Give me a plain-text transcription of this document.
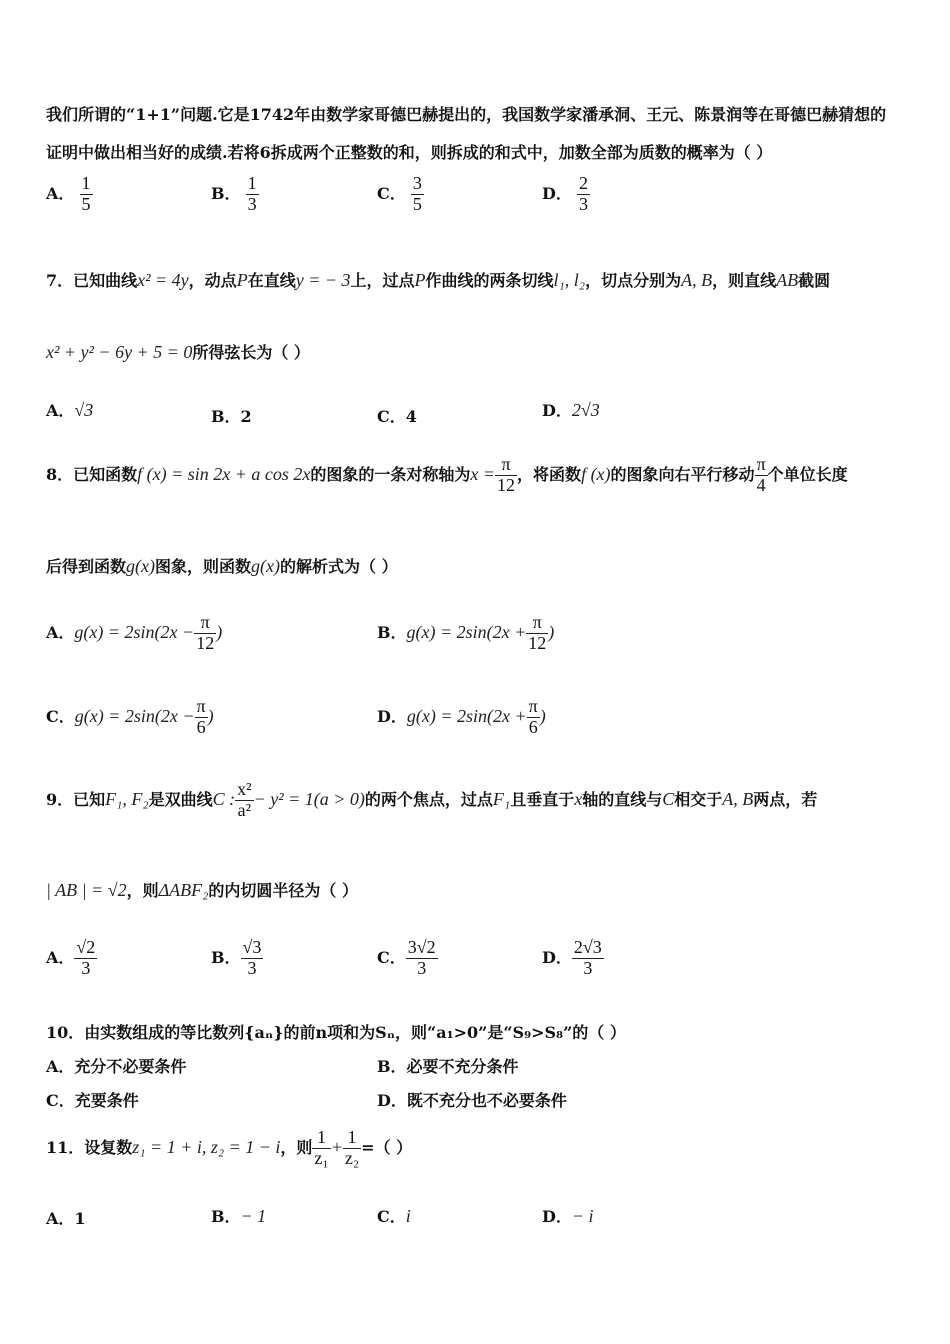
我们所谓的“1+1”问题.它是1742年由数学家哥德巴赫提出的，我国数学家潘承洞、王元、陈景润等在哥德巴赫猜想的
证明中做出相当好的成绩.若将6拆成两个正整数的和，则拆成的和式中，加数全部为质数的概率为（ ）
A． $\frac{1}{5}$	B． $\frac{1}{3}$	C． $\frac{3}{5}$	D． $\frac{2}{3}$
7．已知曲线x² = 4y，动点P在直线y = − 3上，过点P作曲线的两条切线l₁, l₂，切点分别为A, B，则直线AB截圆
x² + y² − 6y + 5 = 0所得弦长为（ ）
A．√3	B．2	C．4	D．2√3
8．已知函数f (x) = sin 2x + a cos 2x的图象的一条对称轴为$x = \frac{\pi}{12}$ ，将函数f (x)的图象向右平行移动 $\frac{\pi}{4}$ 个单位长度
后得到函数g(x)图象，则函数g(x)的解析式为（ ）
A．$g(x) = 2\sin(2x - \frac{\pi}{12}$ )	B．$g(x) = 2\sin(2x + \frac{\pi}{12}$ )
C．$g(x) = 2\sin(2x - \frac{\pi}{6}$ )	D．$g(x) = 2\sin(2x + \frac{\pi}{6}$ )
9．已知F₁, F₂是双曲线C : $\frac{\text{x²}}{\text{a²}} - y^2 = 1(a > 0)$的两个焦点，过点F₁且垂直于x轴的直线与C相交于A, B两点，若
| AB | = √2，则ΔABF₂的内切圆半径为（ ）
A． $\frac{√2}{3}$	B． $\frac{√3}{3}$	C． $\frac{3√2}{3}$	D． $\frac{2√3}{3}$
10．由实数组成的等比数列{aₙ}的前n项和为Sₙ，则“a₁>0”是“S₉>S₈”的（ ）
A．充分不必要条件	B．必要不充分条件
C．充要条件	D．既不充分也不必要条件
11．设复数z₁ = 1 + i, z₂ = 1 − i，则 $\frac{1}{\text{z₁}} + \frac{1}{\text{z₂}}$ =（ ）
A．1	B．− 1	C．i	D．− i
